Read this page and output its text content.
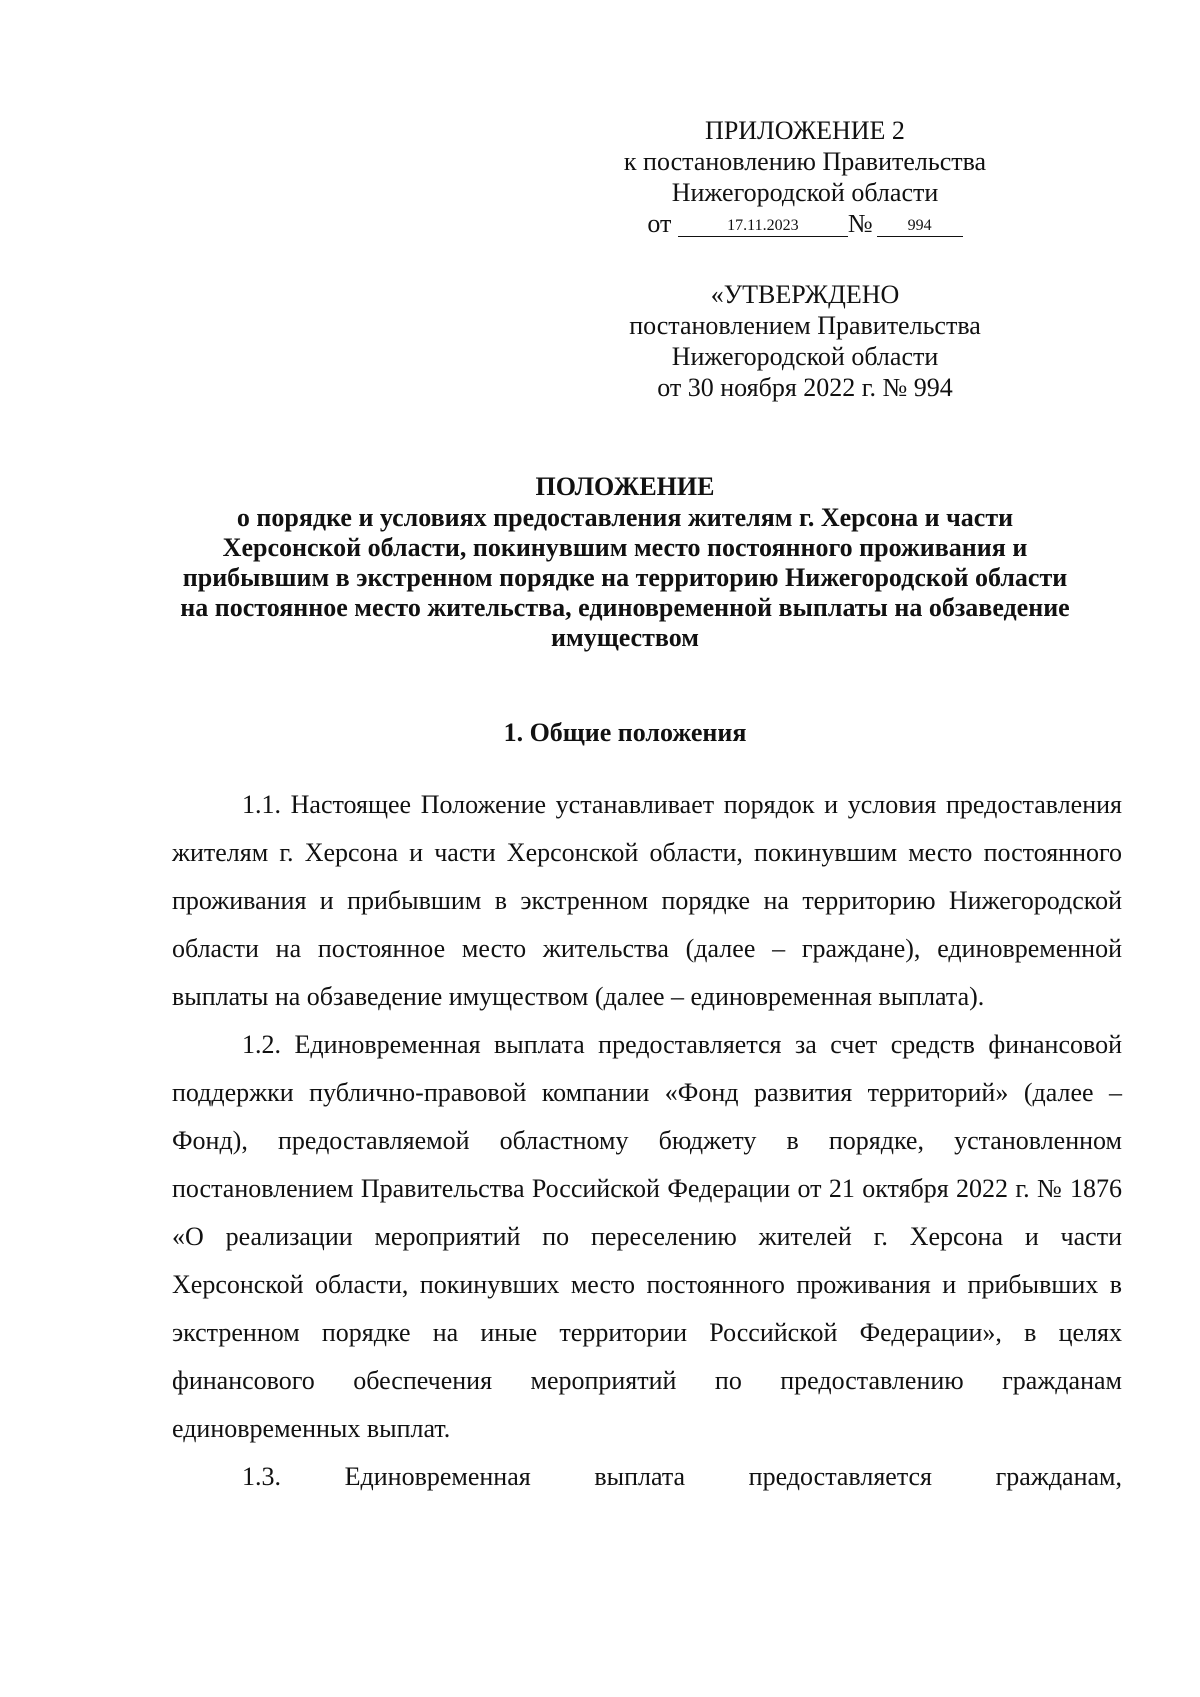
ПРИЛОЖЕНИЕ 2
к постановлению Правительства
Нижегородской области
от	17.11.2023 № 994
«УТВЕРЖДЕНО
постановлением Правительства
Нижегородской области
от 30 ноября 2022 г. № 994
ПОЛОЖЕНИЕ
о порядке и условиях предоставления жителям г. Херсона и части Херсонской области, покинувшим место постоянного проживания и прибывшим в экстренном порядке на территорию Нижегородской области на постоянное место жительства, единовременной выплаты на обзаведение имуществом
1. Общие положения

1.1. Настоящее Положение устанавливает порядок и условия предоставления жителям г. Херсона и части Херсонской области, покинувшим место постоянного проживания и прибывшим в экстренном порядке на территорию Нижегородской области на постоянное место жительства (далее – граждане), единовременной выплаты на обзаведение имуществом (далее – единовременная выплата).

1.2. Единовременная выплата предоставляется за счет средств финансовой поддержки публично-правовой компании «Фонд развития территорий» (далее – Фонд), предоставляемой областному бюджету в порядке, установленном постановлением Правительства Российской Федерации от 21 октября 2022 г. № 1876 «О реализации мероприятий по переселению жителей г. Херсона и части Херсонской области, покинувших место постоянного проживания и прибывших в экстренном порядке на иные территории Российской Федерации», в целях финансового обеспечения мероприятий по предоставлению гражданам единовременных выплат.

1.3. Единовременная выплата предоставляется гражданам,
